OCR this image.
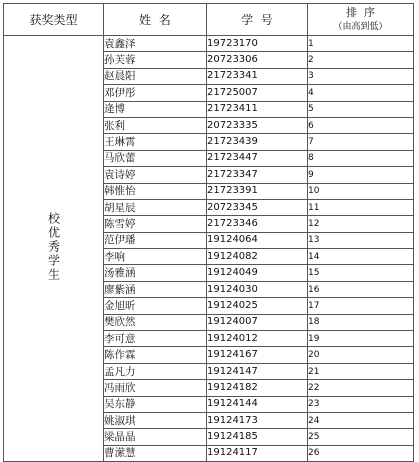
获奖类型	姓  名	学  号	排  序
（由高到低）

校优秀学生	袁鑫泽	19723170	1
	孙芙蓉	20723306	2
	赵晨阳	21723341	3
	邓伊彤	21725007	4
	逄博	21723411	5
	张利	20723335	6
	王琳霄	21723439	7
	马欣蕾	21723447	8
	袁诗婷	21723347	9
	韩惟怡	21723391	10
	胡星辰	20723345	11
	陈雪婷	21723346	12
	范伊璠	19124064	13
	李响	19124082	14
	汤雅涵	19124049	15
	廖紫涵	19124030	16
	金旭昕	19124025	17
	樊欣然	19124007	18
	李可意	19124012	19
	陈作霖	19124167	20
	孟凡力	19124147	21
	冯雨欣	19124182	22
	吴东静	19124144	23
	姚淑琪	19124173	24
	梁晶晶	19124185	25
	曹潆慧	19124117	26
